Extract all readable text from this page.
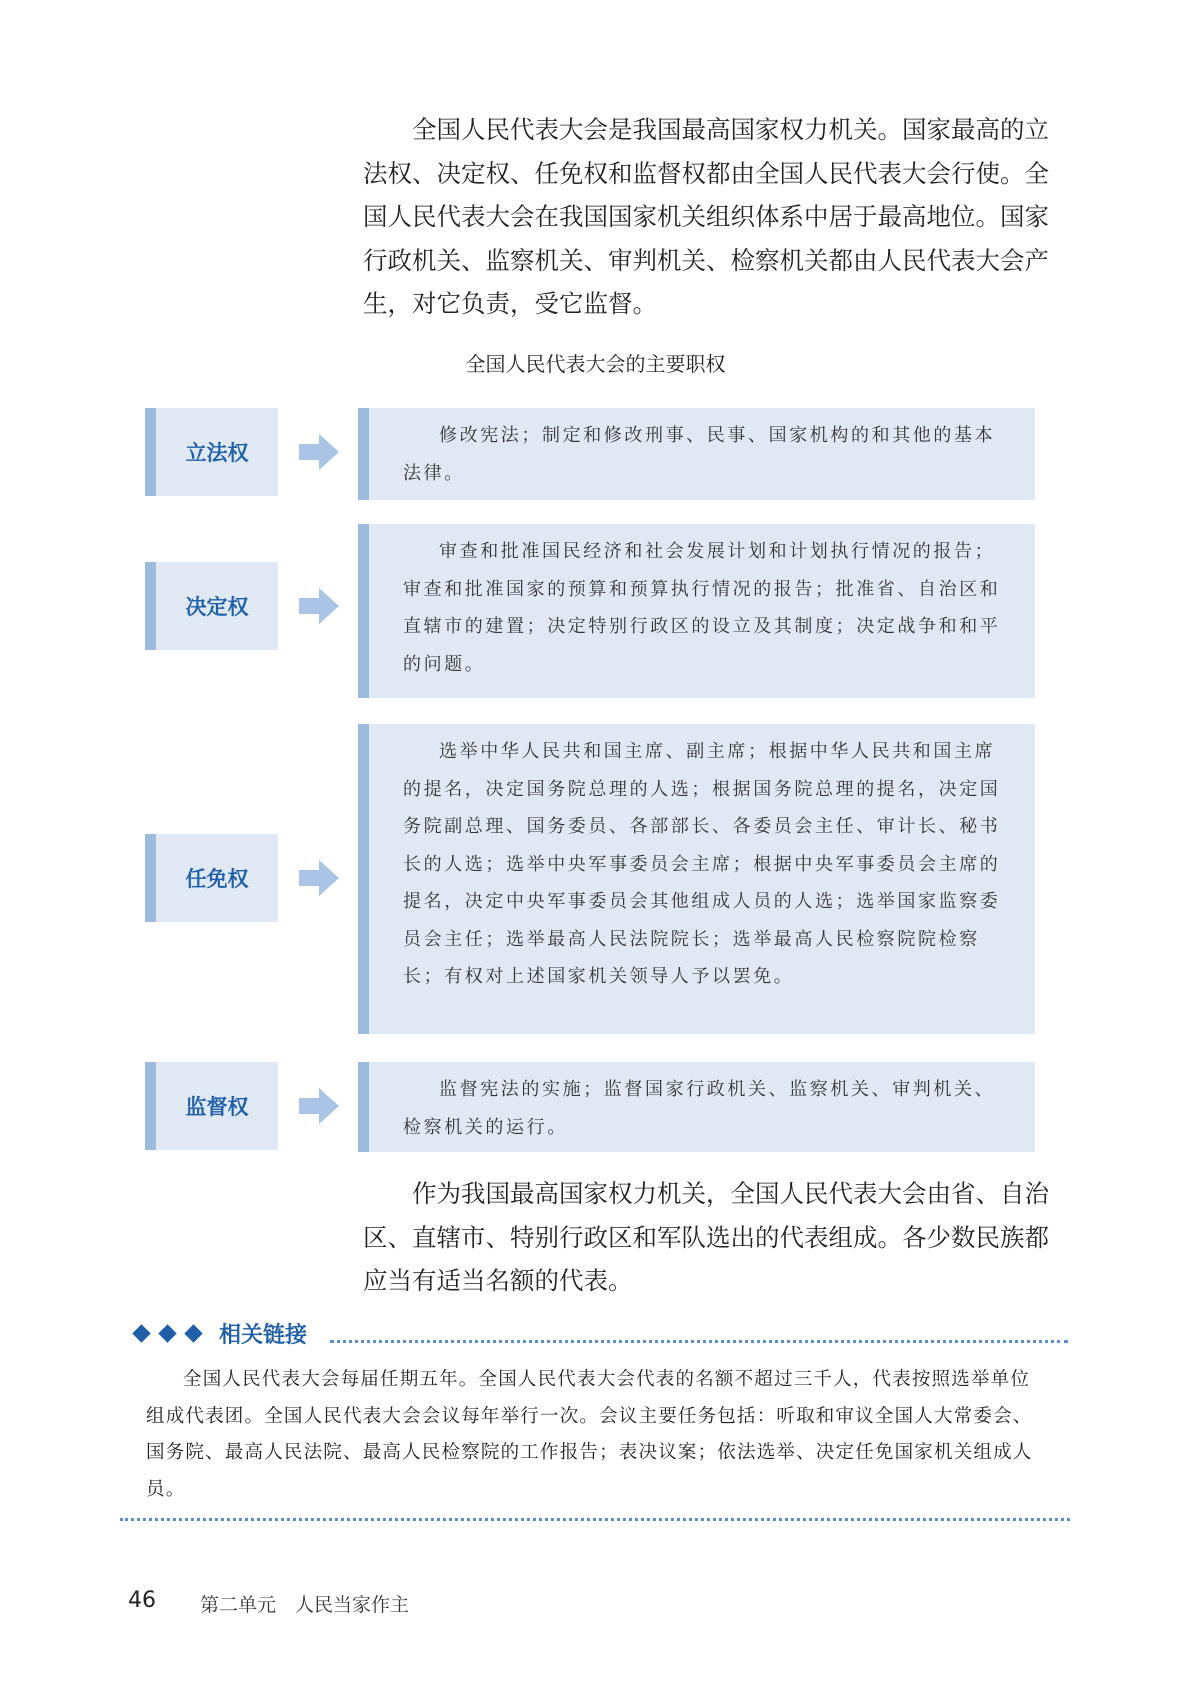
全国人民代表大会是我国最高国家权力机关。国家最高的立法权、决定权、任免权和监督权都由全国人民代表大会行使。全国人民代表大会在我国国家机关组织体系中居于最高地位。国家行政机关、监察机关、审判机关、检察机关都由人民代表大会产生，对它负责，受它监督。

全国人民代表大会的主要职权
立法权

修改宪法；制定和修改刑事、民事、国家机构的和其他的基本法律。

决定权

审查和批准国民经济和社会发展计划和计划执行情况的报告；审查和批准国家的预算和预算执行情况的报告；批准省、自治区和直辖市的建置；决定特别行政区的设立及其制度；决定战争和和平的问题。

任免权

选举中华人民共和国主席、副主席；根据中华人民共和国主席的提名，决定国务院总理的人选；根据国务院总理的提名，决定国务院副总理、国务委员、各部部长、各委员会主任、审计长、秘书长的人选；选举中央军事委员会主席；根据中央军事委员会主席的提名，决定中央军事委员会其他组成人员的人选；选举国家监察委员会主任；选举最高人民法院院长；选举最高人民检察院院检察长；有权对上述国家机关领导人予以罢免。

监督权

监督宪法的实施；监督国家行政机关、监察机关、审判机关、检察机关的运行。

作为我国最高国家权力机关，全国人民代表大会由省、自治区、直辖市、特别行政区和军队选出的代表组成。各少数民族都应当有适当名额的代表。

相关链接

全国人民代表大会每届任期五年。全国人民代表大会代表的名额不超过三千人，代表按照选举单位组成代表团。全国人民代表大会会议每年举行一次。会议主要任务包括：听取和审议全国人大常委会、国务院、最高人民法院、最高人民检察院的工作报告；表决议案；依法选举、决定任免国家机关组成人员。

46 第二单元　人民当家作主
